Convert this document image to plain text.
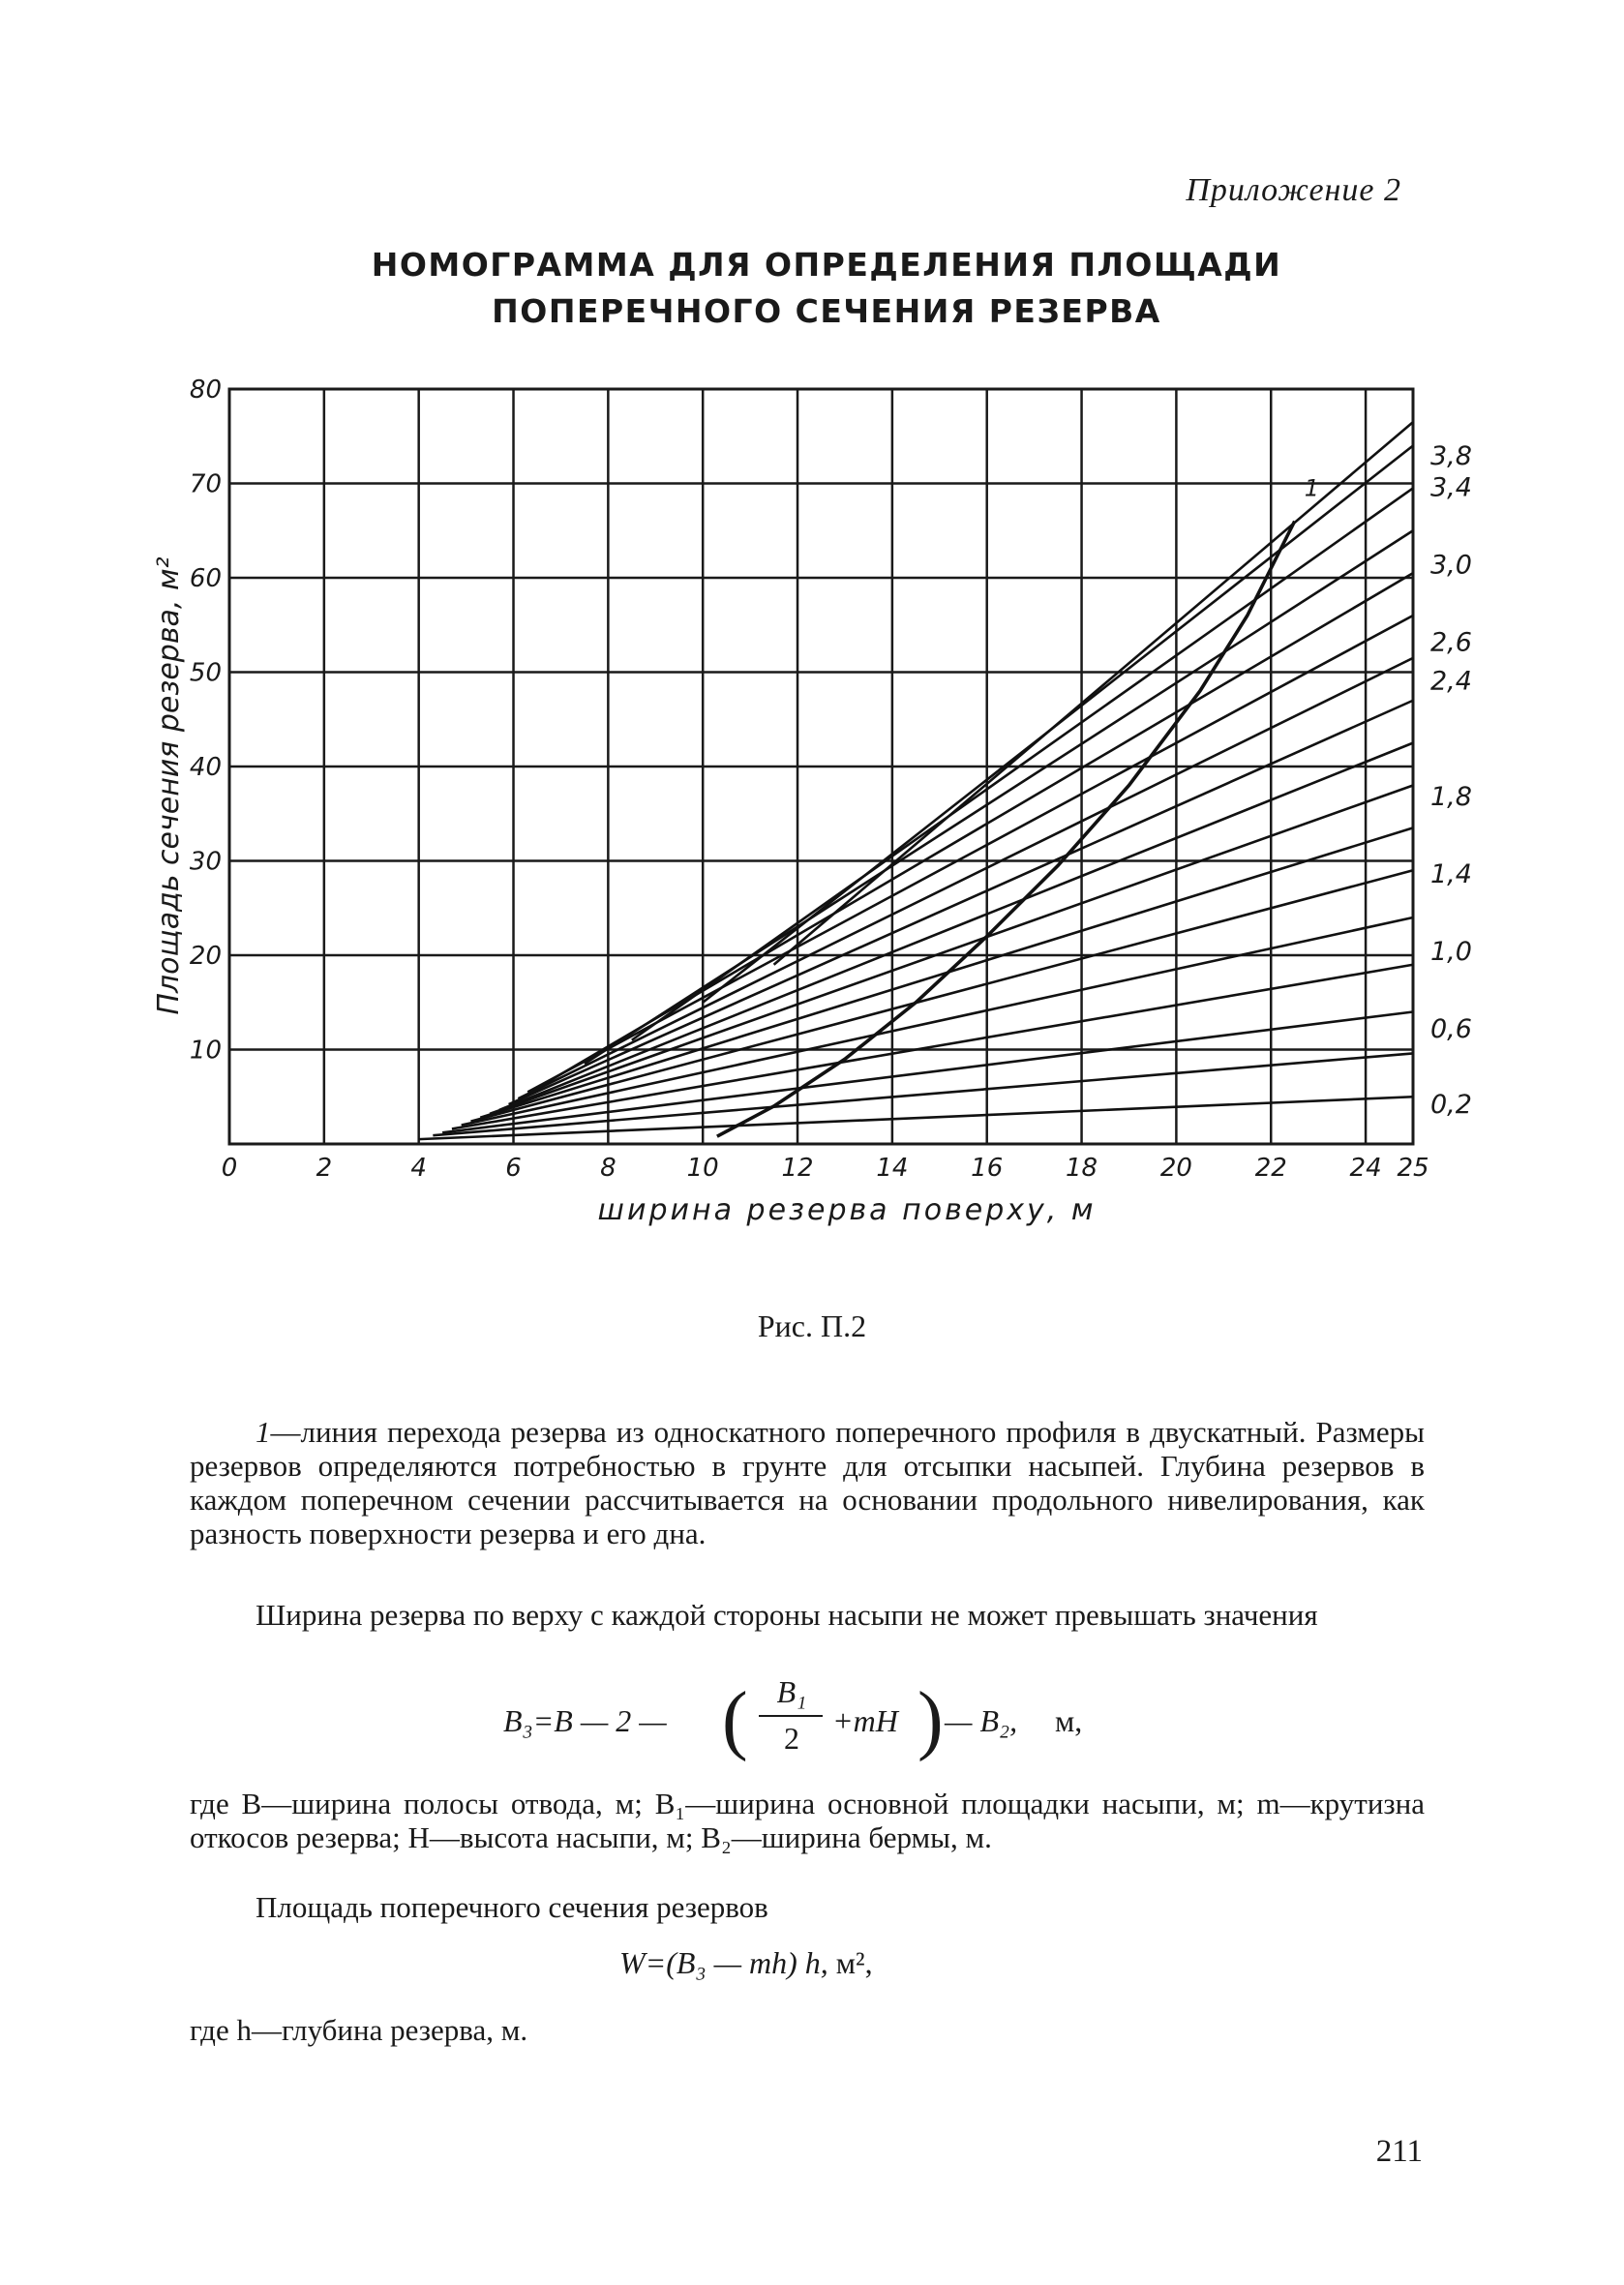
Приложение 2
НОМОГРАММА ДЛЯ ОПРЕДЕЛЕНИЯ ПЛОЩАДИ
ПОПЕРЕЧНОГО СЕЧЕНИЯ РЕЗЕРВА
1
0	2	4	6	8	10 12 14 16 18 20 22 24 25
10
20
30
40
50
60
70
80
0,2
0,6
1,0
1,4
1,8
2,4
2,6
3,0
3,4
3,8
ширина резерва поверху, м
Площадь сечения резерва, м²
Рис. П.2
1—линия перехода резерва из односкатного поперечного профиля в двускатный. Размеры резервов определяются потребностью в грунте для отсыпки насыпей. Глубина резервов в каждом поперечном сечении рассчитывается на основании продольного нивелирования, как разность поверхности резерва и его дна.
Ширина резерва по верху с каждой стороны насыпи не может превышать значения
B₃=B — 2 — ( B₁
2	+mH ) — B₂, м,
где B—ширина полосы отвода, м; B₁—ширина основной площадки насыпи, м; m—крутизна откосов резерва; H—высота насыпи, м; B₂—ширина бермы, м.
Площадь поперечного сечения резервов
W=(B₃ — mh) h, м²,
где h—глубина резерва, м.
211
